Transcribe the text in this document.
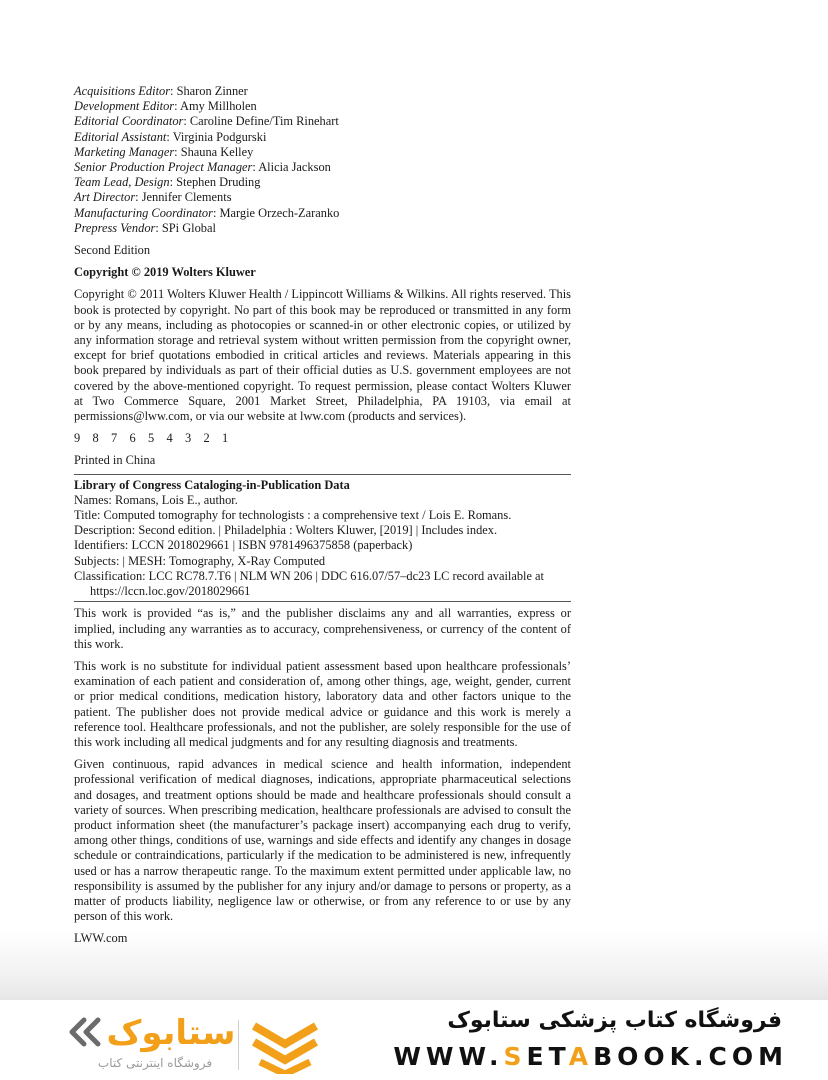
Acquisitions Editor: Sharon Zinner
Development Editor: Amy Millholen
Editorial Coordinator: Caroline Define/Tim Rinehart
Editorial Assistant: Virginia Podgurski
Marketing Manager: Shauna Kelley
Senior Production Project Manager: Alicia Jackson
Team Lead, Design: Stephen Druding
Art Director: Jennifer Clements
Manufacturing Coordinator: Margie Orzech-Zaranko
Prepress Vendor: SPi Global

Second Edition

Copyright © 2019 Wolters Kluwer

Copyright © 2011 Wolters Kluwer Health / Lippincott Williams & Wilkins. All rights reserved. This book is protected by copyright. No part of this book may be reproduced or transmitted in any form or by any means, including as photocopies or scanned-in or other electronic copies, or utilized by any information storage and retrieval system without written permission from the copyright owner, except for brief quotations embodied in critical articles and reviews. Materials appearing in this book prepared by individuals as part of their official duties as U.S. government employees are not covered by the above-mentioned copyright. To request permission, please contact Wolters Kluwer at Two Commerce Square, 2001 Market Street, Philadelphia, PA 19103, via email at permissions@lww.com, or via our website at lww.com (products and services).

9 8 7 6 5 4 3 2 1

Printed in China

Library of Congress Cataloging-in-Publication Data

Names: Romans, Lois E., author.

Title: Computed tomography for technologists : a comprehensive text / Lois E. Romans.

Description: Second edition. | Philadelphia : Wolters Kluwer, [2019] | Includes index.

Identifiers: LCCN 2018029661 | ISBN 9781496375858 (paperback)

Subjects: | MESH: Tomography, X-Ray Computed

Classification: LCC RC78.7.T6 | NLM WN 206 | DDC 616.07/57–dc23 LC record available at

https://lccn.loc.gov/2018029661

This work is provided “as is,” and the publisher disclaims any and all warranties, express or implied, including any warranties as to accuracy, comprehensiveness, or currency of the content of this work.

This work is no substitute for individual patient assessment based upon healthcare professionals’ examination of each patient and consideration of, among other things, age, weight, gender, current or prior medical conditions, medication history, laboratory data and other factors unique to the patient. The publisher does not provide medical advice or guidance and this work is merely a reference tool. Healthcare professionals, and not the publisher, are solely responsible for the use of this work including all medical judgments and for any resulting diagnosis and treatments.

Given continuous, rapid advances in medical science and health information, independent professional verification of medical diagnoses, indications, appropriate pharmaceutical selections and dosages, and treatment options should be made and healthcare professionals should consult a variety of sources. When prescribing medication, healthcare professionals are advised to consult the product information sheet (the manufacturer’s package insert) accompanying each drug to verify, among other things, conditions of use, warnings and side effects and identify any changes in dosage schedule or contraindications, particularly if the medication to be administered is new, infrequently used or has a narrow therapeutic range. To the maximum extent permitted under applicable law, no responsibility is assumed by the publisher for any injury and/or damage to persons or property, as a matter of products liability, negligence law or otherwise, or from any reference to or use by any person of this work.

LWW.com

ستابوک
فروشگاه اینترنتی کتاب
فروشگاه کتاب پزشکی ستابوک
WWW.SETABOOK.COM
